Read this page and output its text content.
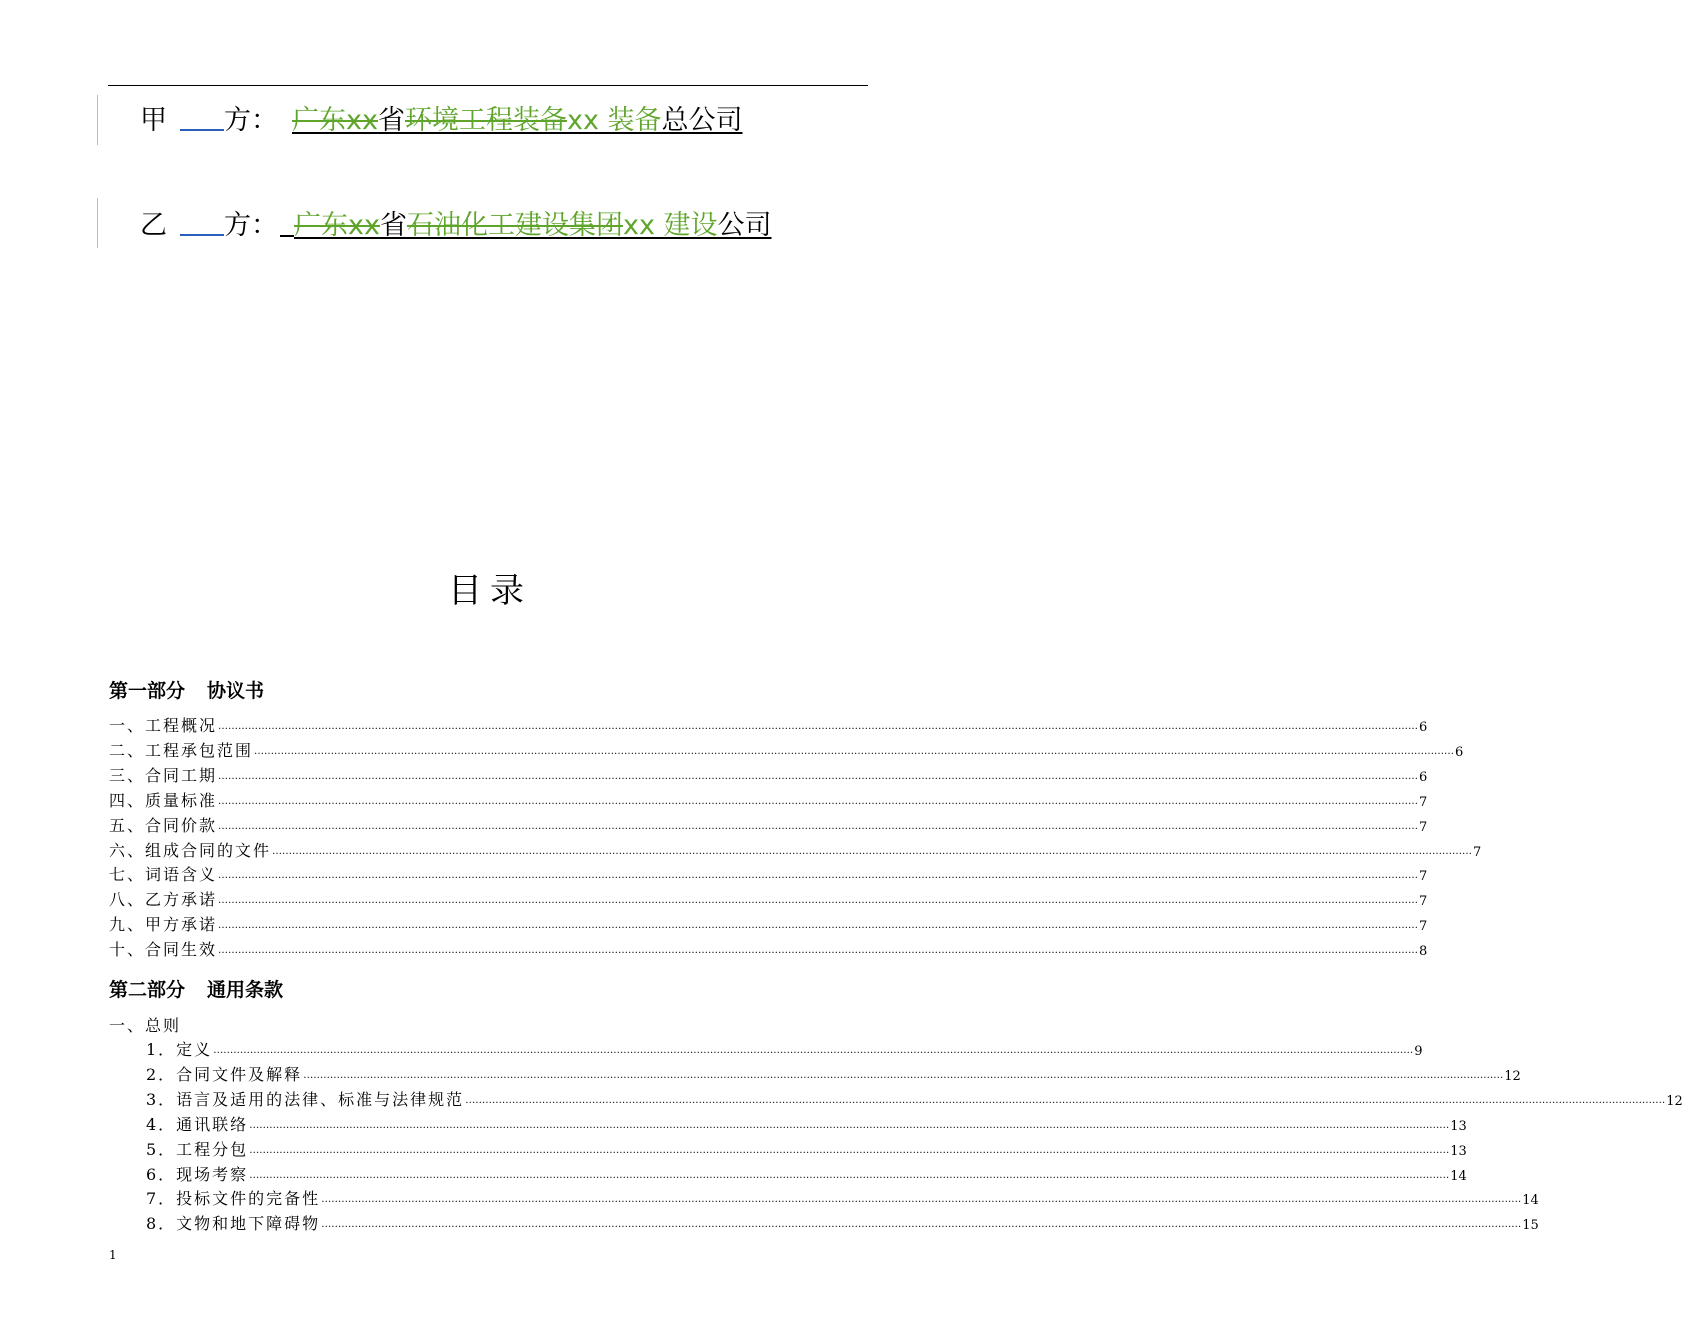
甲 方： 广东xx省环境工程装备xx 装备总公司
乙 方： 广东xx省石油化工建设集团xx 建设公司
目录
第一部分 协议书
一、工程概况 ……………………………………………………………………………………………………………………………………………………………………………………………………………………………………………………………………………………………………………………………… 6
二、工程承包范围 ……………………………………………………………………………………………………………………………………………………………………………………………………………………………………………………………………………………………………………………………… 6
三、合同工期 ……………………………………………………………………………………………………………………………………………………………………………………………………………………………………………………………………………………………………………………………… 6
四、质量标准 ……………………………………………………………………………………………………………………………………………………………………………………………………………………………………………………………………………………………………………………………… 7
五、合同价款 ……………………………………………………………………………………………………………………………………………………………………………………………………………………………………………………………………………………………………………………………… 7
六、组成合同的文件 ……………………………………………………………………………………………………………………………………………………………………………………………………………………………………………………………………………………………………………………………… 7
七、词语含义 ……………………………………………………………………………………………………………………………………………………………………………………………………………………………………………………………………………………………………………………………… 7
八、乙方承诺 ……………………………………………………………………………………………………………………………………………………………………………………………………………………………………………………………………………………………………………………………… 7
九、甲方承诺 ……………………………………………………………………………………………………………………………………………………………………………………………………………………………………………………………………………………………………………………………… 7
十、合同生效 ……………………………………………………………………………………………………………………………………………………………………………………………………………………………………………………………………………………………………………………………… 8
第二部分 通用条款
一、总则
1．定义 ……………………………………………………………………………………………………………………………………………………………………………………………………………………………………………………………………………………………………………………………… 9
2．合同文件及解释 ……………………………………………………………………………………………………………………………………………………………………………………………………………………………………………………………………………………………………………………………… 12
3．语言及适用的法律、标准与法律规范 ……………………………………………………………………………………………………………………………………………………………………………………………………………………………………………………………………………………………………………………………… 12
4．通讯联络 ……………………………………………………………………………………………………………………………………………………………………………………………………………………………………………………………………………………………………………………………… 13
5．工程分包 ……………………………………………………………………………………………………………………………………………………………………………………………………………………………………………………………………………………………………………………………… 13
6．现场考察 ……………………………………………………………………………………………………………………………………………………………………………………………………………………………………………………………………………………………………………………………… 14
7．投标文件的完备性 ……………………………………………………………………………………………………………………………………………………………………………………………………………………………………………………………………………………………………………………………… 14
8．文物和地下障碍物 ……………………………………………………………………………………………………………………………………………………………………………………………………………………………………………………………………………………………………………………………… 15
1
